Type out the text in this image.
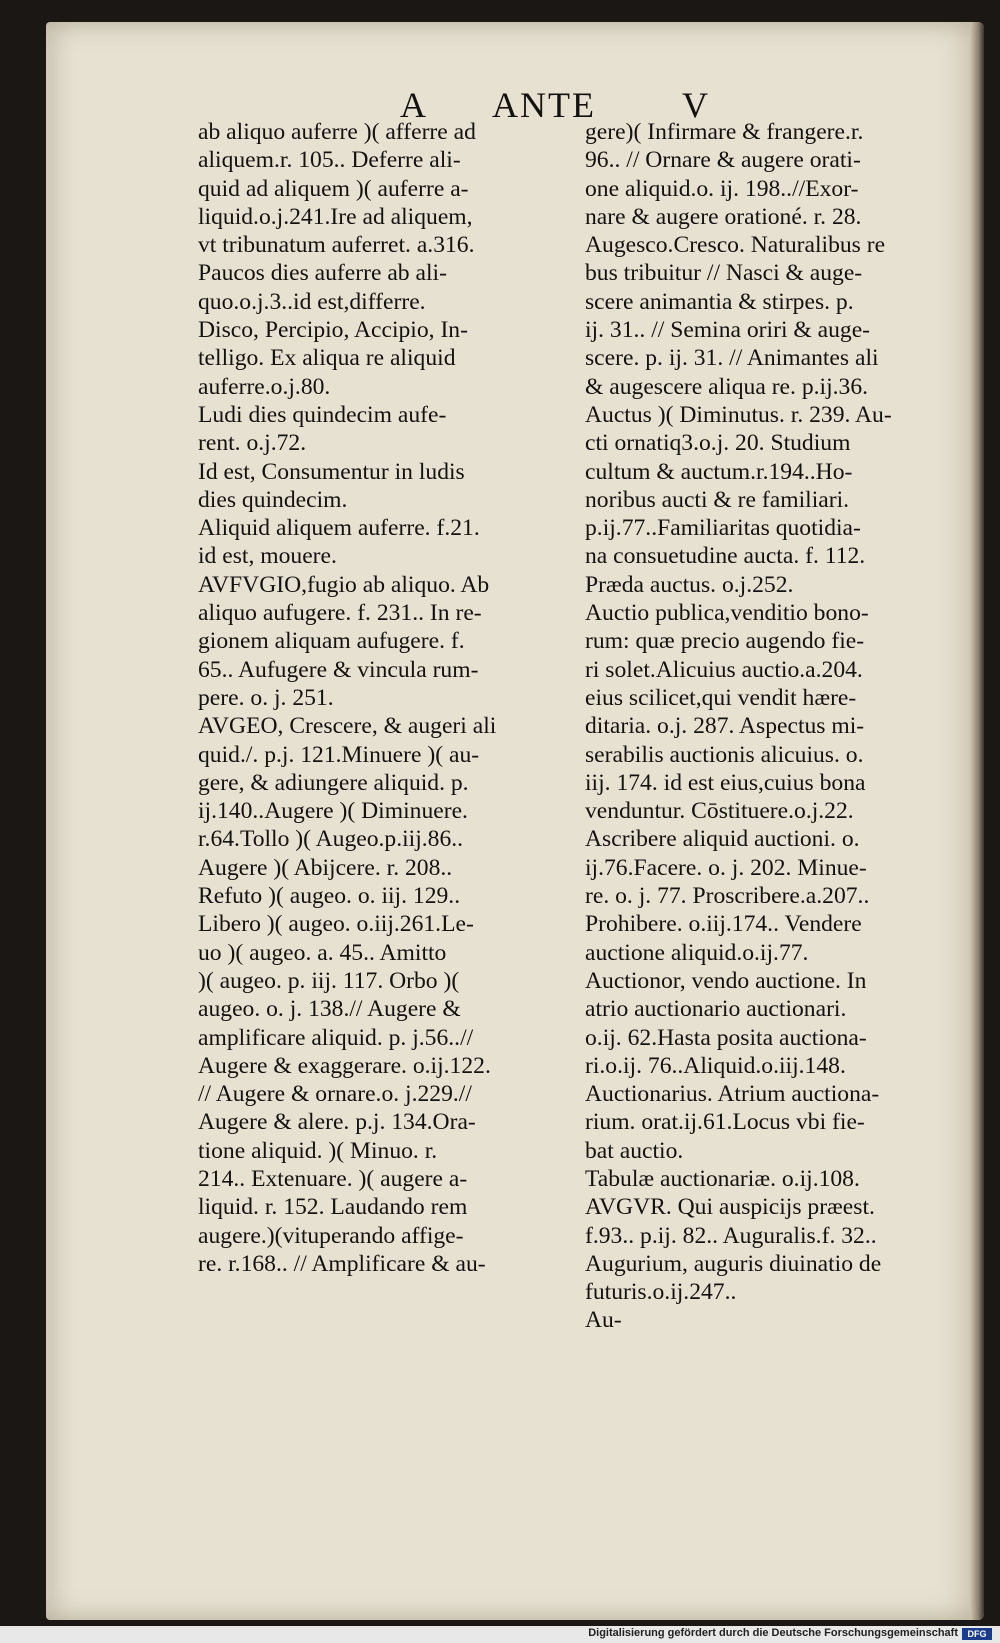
A ANTE V
ab aliquo auferre )( afferre ad
aliquem.r. 105.. Deferre ali-
quid ad aliquem )( auferre a-
liquid.o.j.241.Ire ad aliquem,
vt tribunatum auferret. a.316.
Paucos dies auferre ab ali-
quo.o.j.3..id est,differre.
Disco, Percipio, Accipio, In-
telligo. Ex aliqua re aliquid
auferre.o.j.80.
Ludi dies quindecim aufe-
rent. o.j.72.
Id est, Consumentur in ludis
dies quindecim.
Aliquid aliquem auferre. f.21.
id est, mouere.
AVFVGIO,fugio ab aliquo. Ab
aliquo aufugere. f. 231.. In re-
gionem aliquam aufugere. f.
65.. Aufugere & vincula rum-
pere. o. j. 251.
AVGEO, Crescere, & augeri ali
quid./. p.j. 121.Minuere )( au-
gere, & adiungere aliquid. p.
ij.140..Augere )( Diminuere.
r.64.Tollo )( Augeo.p.iij.86..
Augere )( Abijcere. r. 208..
Refuto )( augeo. o. iij. 129..
Libero )( augeo. o.iij.261.Le-
uo )( augeo. a. 45.. Amitto
)( augeo. p. iij. 117. Orbo )(
augeo. o. j. 138.// Augere &
amplificare aliquid. p. j.56..//
Augere & exaggerare. o.ij.122.
// Augere & ornare.o. j.229.//
Augere & alere. p.j. 134.Ora-
tione aliquid. )( Minuo. r.
214.. Extenuare. )( augere a-
liquid. r. 152. Laudando rem
augere.)(vituperando affige-
re. r.168.. // Amplificare & au-
gere)( Infirmare & frangere.r.
96.. // Ornare & augere orati-
one aliquid.o. ij. 198..//Exor-
nare & augere orationé. r. 28.
Augesco.Cresco. Naturalibus re
bus tribuitur // Nasci & auge-
scere animantia & stirpes. p.
ij. 31.. // Semina oriri & auge-
scere. p. ij. 31. // Animantes ali
& augescere aliqua re. p.ij.36.
Auctus )( Diminutus. r. 239. Au-
cti ornatiq3.o.j. 20. Studium
cultum & auctum.r.194..Ho-
noribus aucti & re familiari.
p.ij.77..Familiaritas quotidia-
na consuetudine aucta. f. 112.
Præda auctus. o.j.252.
Auctio publica,venditio bono-
rum: quæ precio augendo fie-
ri solet.Alicuius auctio.a.204.
eius scilicet,qui vendit hære-
ditaria. o.j. 287. Aspectus mi-
serabilis auctionis alicuius. o.
iij. 174. id est eius,cuius bona
venduntur. Cōstituere.o.j.22.
Ascribere aliquid auctioni. o.
ij.76.Facere. o. j. 202. Minue-
re. o. j. 77. Proscribere.a.207..
Prohibere. o.iij.174.. Vendere
auctione aliquid.o.ij.77.
Auctionor, vendo auctione. In
atrio auctionario auctionari.
o.ij. 62.Hasta posita auctiona-
ri.o.ij. 76..Aliquid.o.iij.148.
Auctionarius. Atrium auctiona-
rium. orat.ij.61.Locus vbi fie-
bat auctio.
Tabulæ auctionariæ. o.ij.108.
AVGVR. Qui auspicijs præest.
f.93.. p.ij. 82.. Auguralis.f. 32..
Augurium, auguris diuinatio de
futuris.o.ij.247..
Au-
Digitalisierung gefördert durch die Deutsche Forschungsgemeinschaft	DFG
